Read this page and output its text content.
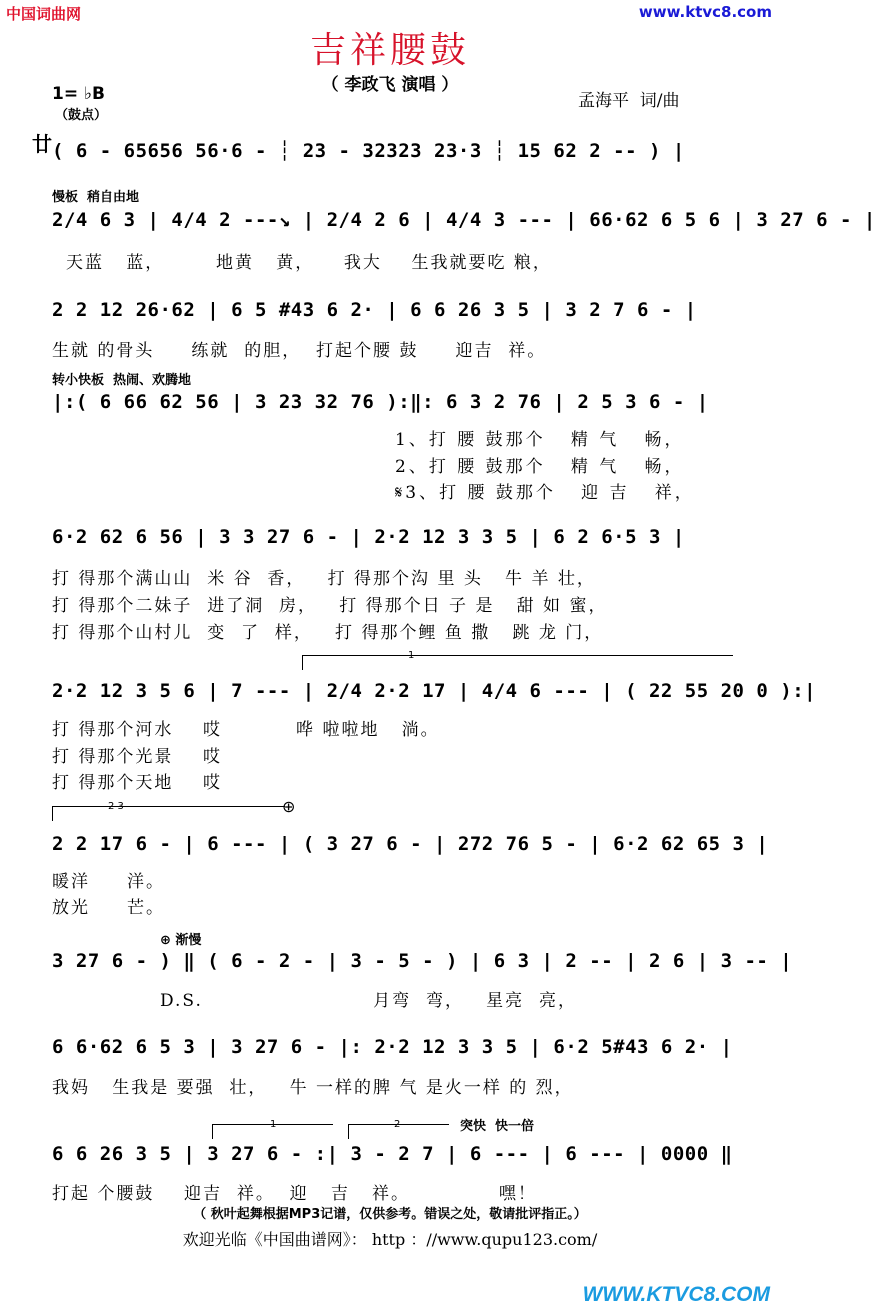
中国词曲网	www.ktvc8.com
吉祥腰鼓
（ 李政飞 演唱 ）
1= ♭B
（鼓点）
孟海平  词/曲
廿 ( 6 - 65656 56·6 - ┆ 23 - 32323 23·3 ┆ 15 62 2 -- ) |
慢板  稍自由地
2/4 6 3 | 4/4 2 ---↘ | 2/4 2 6 | 4/4 3 --- | 66·62 6 5 6 | 3 27 6 - |
天蓝   蓝，       地黄   黄，    我大    生我就要吃 粮，
2 2 12 26·62 | 6 5 #43 6 2· | 6 6 26 3 5 | 3 2 7 6 - |
生就 的骨头     练就  的胆，  打起个腰 鼓     迎吉  祥。
转小快板  热闹、欢腾地
|:( 6 66 62 56 | 3 23 32 76 ):‖: 6 3 2 76 | 2 5 3 6 - |
1、打 腰 鼓那个   精 气   畅，
2、打 腰 鼓那个   精 气   畅，
𝄋3、打 腰 鼓那个   迎 吉   祥，
6·2 62 6 56 | 3 3 27 6 - | 2·2 12 3 3 5 | 6 2 6·5 3 |
打 得那个满山山  米 谷  香，   打 得那个沟 里 头   牛 羊 壮，
打 得那个二妹子  进了洞  房，   打 得那个日 子 是   甜 如 蜜，
打 得那个山村儿  变  了  样，   打 得那个鲤 鱼 撒   跳 龙 门，
1
2·2 12 3 5 6 | 7 --- | 2/4 2·2 17 | 4/4 6 --- | ( 22 55 20 0 ):|
打 得那个河水    哎          哗 啦啦地   淌。
打 得那个光景    哎
打 得那个天地    哎
2 3	⊕
2 2 17 6 - | 6 --- | ( 3 27 6 - | 272 76 5 - | 6·2 62 65 3 |
暖洋     洋。
放光     芒。
⊕ 渐慢
3 27 6 - ) ‖ ( 6 - 2 - | 3 - 5 - ) | 6 3 | 2 -- | 2 6 | 3 -- |
D.S.                       月弯  弯，   星亮  亮，
6 6·62 6 5 3 | 3 27 6 - |: 2·2 12 3 3 5 | 6·2 5#43 6 2· |
我妈   生我是 要强  壮，   牛 一样的脾 气 是火一样 的 烈，
1	2	突快  快一倍
6 6 26 3 5 | 3 27 6 - :| 3 - 2 7 | 6 --- | 6 --- | 0000 ‖
打起 个腰鼓    迎吉  祥。  迎   吉   祥。            嘿！
（ 秋叶起舞根据MP3记谱，仅供参考。错误之处，敬请批评指正。）
欢迎光临《中国曲谱网》： http ：//www.qupu123.com/
WWW.KTVC8.COM
